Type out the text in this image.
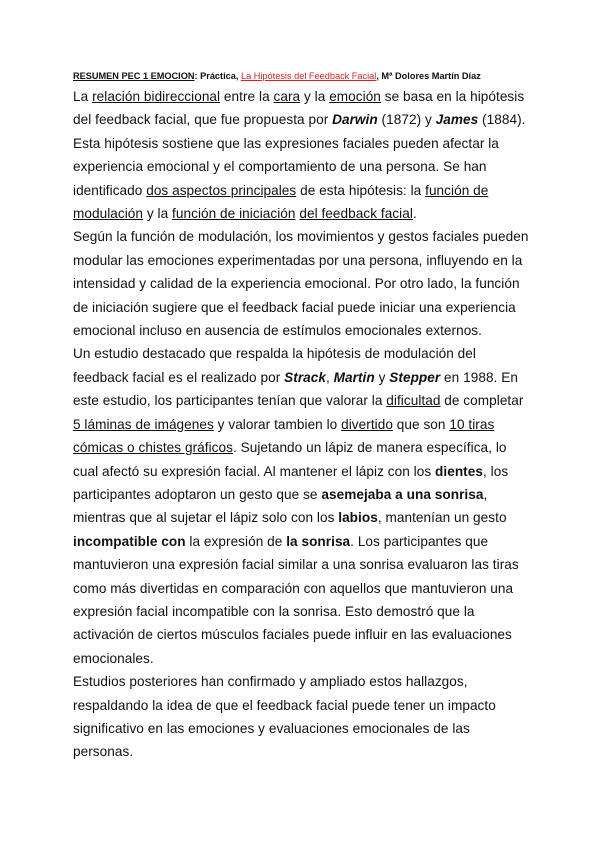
RESUMEN PEC 1 EMOCION: Práctica, La Hipótesis del Feedback Facial, Mª Dolores Martín Díaz

La relación bidireccional entre la cara y la emoción se basa en la hipótesis del feedback facial, que fue propuesta por Darwin (1872) y James (1884). Esta hipótesis sostiene que las expresiones faciales pueden afectar la experiencia emocional y el comportamiento de una persona. Se han identificado dos aspectos principales de esta hipótesis: la función de modulación y la función de iniciación del feedback facial.

Según la función de modulación, los movimientos y gestos faciales pueden modular las emociones experimentadas por una persona, influyendo en la intensidad y calidad de la experiencia emocional. Por otro lado, la función de iniciación sugiere que el feedback facial puede iniciar una experiencia emocional incluso en ausencia de estímulos emocionales externos.

Un estudio destacado que respalda la hipótesis de modulación del feedback facial es el realizado por Strack, Martin y Stepper en 1988. En este estudio, los participantes tenían que valorar la dificultad de completar 5 láminas de imágenes y valorar tambien lo divertido que son 10 tiras cómicas o chistes gráficos. Sujetando un lápiz de manera específica, lo cual afectó su expresión facial. Al mantener el lápiz con los dientes, los participantes adoptaron un gesto que se asemejaba a una sonrisa, mientras que al sujetar el lápiz solo con los labios, mantenían un gesto incompatible con la expresión de la sonrisa. Los participantes que mantuvieron una expresión facial similar a una sonrisa evaluaron las tiras como más divertidas en comparación con aquellos que mantuvieron una expresión facial incompatible con la sonrisa. Esto demostró que la activación de ciertos músculos faciales puede influir en las evaluaciones emocionales.

Estudios posteriores han confirmado y ampliado estos hallazgos, respaldando la idea de que el feedback facial puede tener un impacto significativo en las emociones y evaluaciones emocionales de las personas.
